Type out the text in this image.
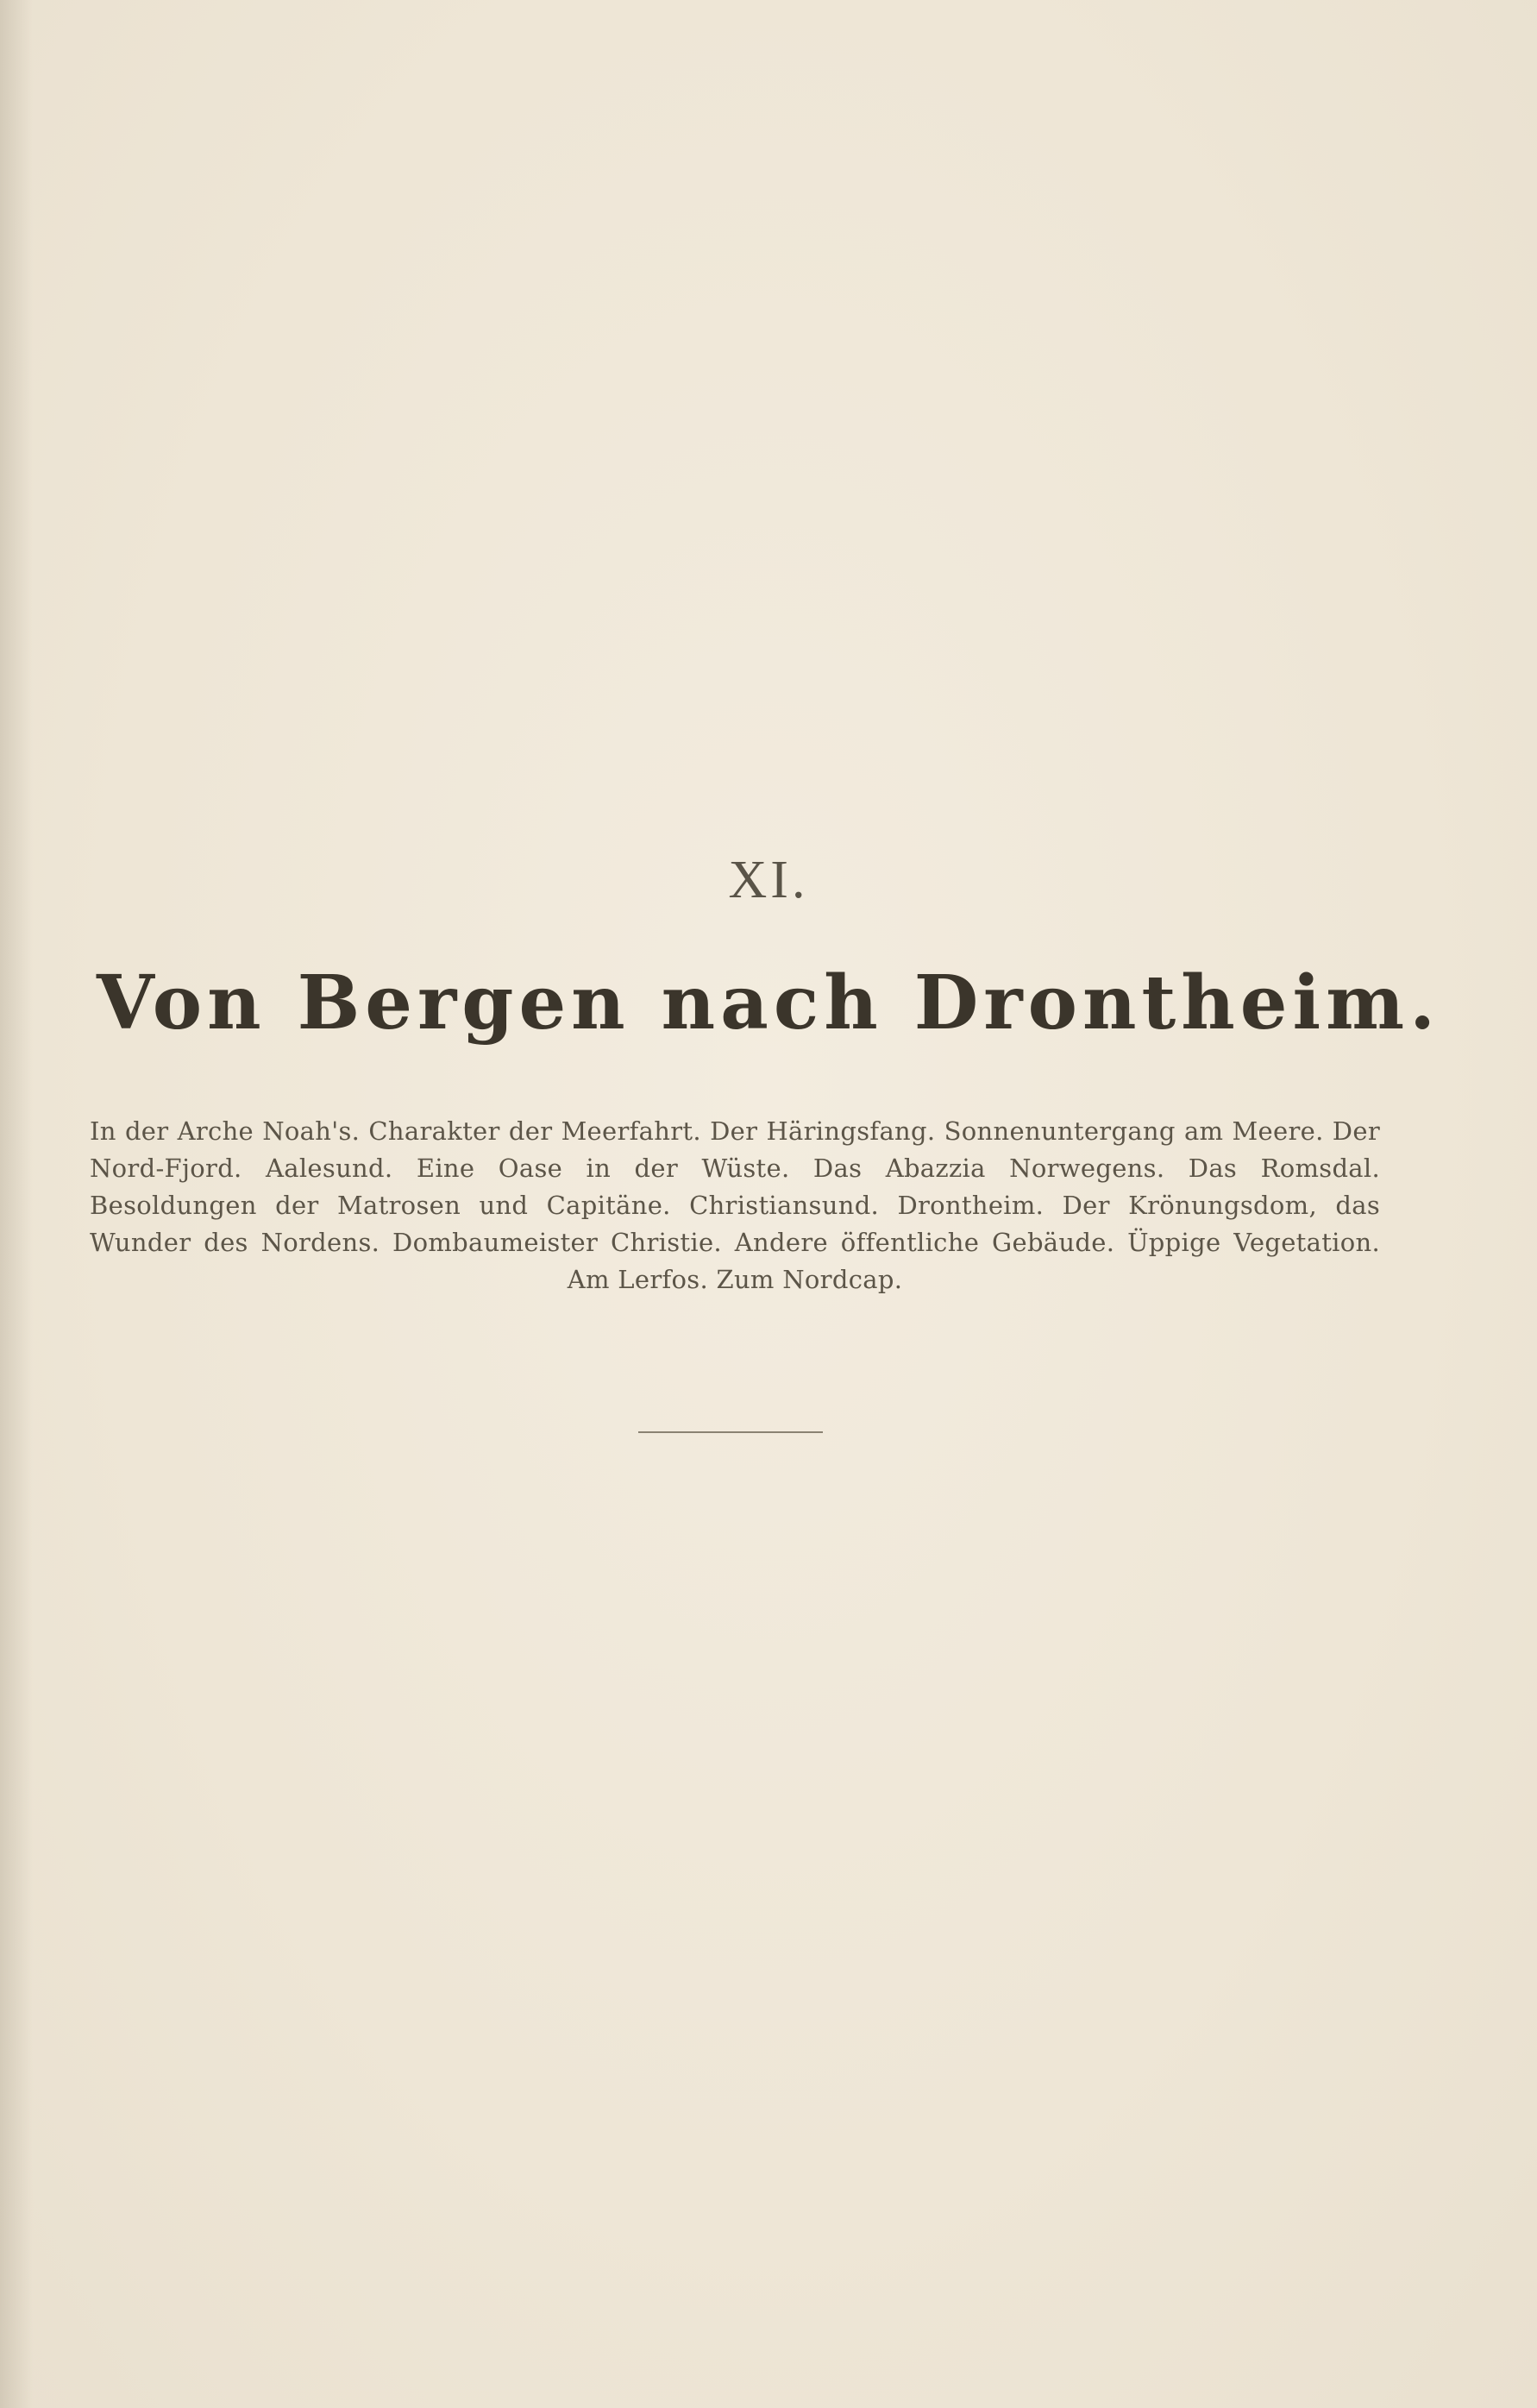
XI.
Von Bergen nach Drontheim.
In der Arche Noah's. Charakter der Meerfahrt. Der Häringsfang. Sonnenuntergang am Meere. Der Nord-Fjord. Aalesund. Eine Oase in der Wüste. Das Abazzia Norwegens. Das Romsdal. Besoldungen der Matrosen und Capitäne. Christiansund. Drontheim. Der Krönungsdom, das Wunder des Nordens. Dombaumeister Christie. Andere öffentliche Gebäude. Üppige Vegetation. Am Lerfos. Zum Nordcap.
